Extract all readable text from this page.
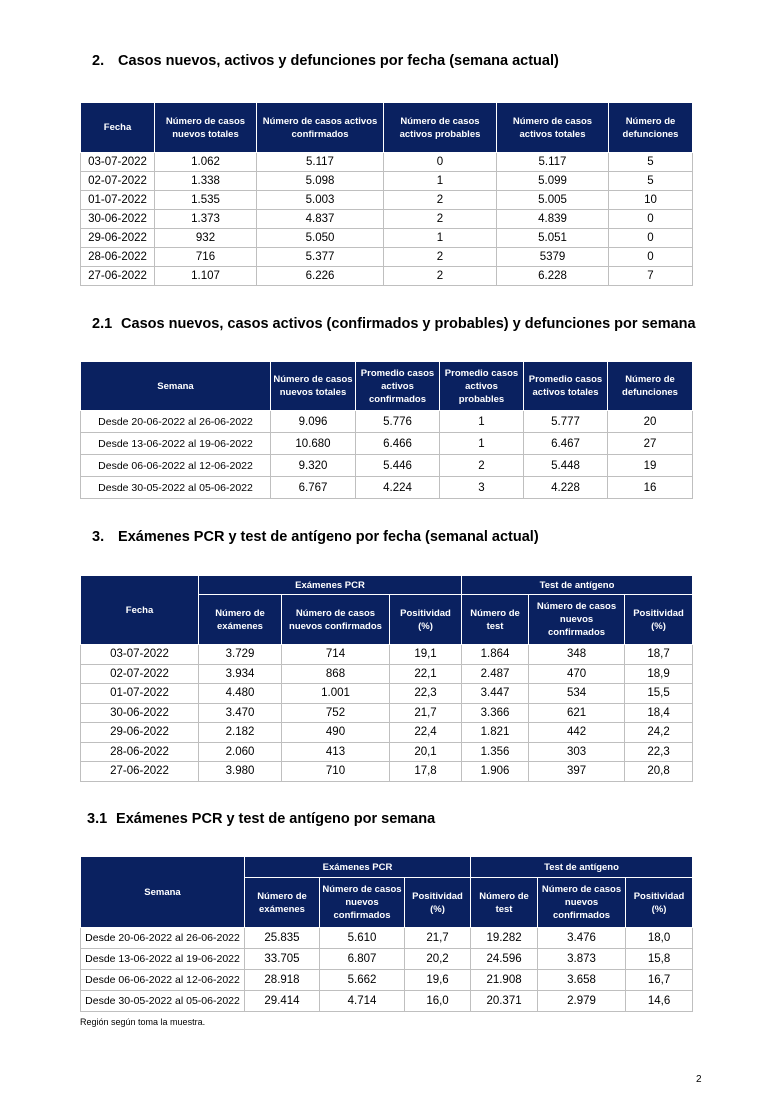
2. Casos nuevos, activos y defunciones por fecha (semana actual)
Fecha	Número de casos nuevos totales	Número de casos activos confirmados	Número de casos activos probables	Número de casos activos totales	Número de defunciones
03-07-2022	1.062	5.117	0	5.117	5
02-07-2022	1.338	5.098	1	5.099	5
01-07-2022	1.535	5.003	2	5.005	10
30-06-2022	1.373	4.837	2	4.839	0
29-06-2022	932	5.050	1	5.051	0
28-06-2022	716	5.377	2	5379	0
27-06-2022	1.107	6.226	2	6.228	7
2.1 Casos nuevos, casos activos (confirmados y probables) y defunciones por semana
Semana	Número de casos nuevos totales	Promedio casos activos confirmados	Promedio casos activos probables	Promedio casos activos totales	Número de defunciones
Desde 20-06-2022 al 26-06-2022	9.096	5.776	1	5.777	20
Desde 13-06-2022 al 19-06-2022	10.680	6.466	1	6.467	27
Desde 06-06-2022 al 12-06-2022	9.320	5.446	2	5.448	19
Desde 30-05-2022 al 05-06-2022	6.767	4.224	3	4.228	16
3. Exámenes PCR y test de antígeno por fecha (semanal actual)
Fecha	Exámenes PCR			Test de antígeno		
	Número de exámenes	Número de casos nuevos confirmados	Positividad (%)	Número de test	Número de casos nuevos confirmados	Positividad (%)
03-07-2022	3.729	714	19,1	1.864	348	18,7
02-07-2022	3.934	868	22,1	2.487	470	18,9
01-07-2022	4.480	1.001	22,3	3.447	534	15,5
30-06-2022	3.470	752	21,7	3.366	621	18,4
29-06-2022	2.182	490	22,4	1.821	442	24,2
28-06-2022	2.060	413	20,1	1.356	303	22,3
27-06-2022	3.980	710	17,8	1.906	397	20,8
3.1 Exámenes PCR y test de antígeno por semana
Semana	Exámenes PCR			Test de antígeno		
	Número de exámenes	Número de casos nuevos confirmados	Positividad (%)	Número de test	Número de casos nuevos confirmados	Positividad (%)
Desde 20-06-2022 al 26-06-2022	25.835	5.610	21,7	19.282	3.476	18,0
Desde 13-06-2022 al 19-06-2022	33.705	6.807	20,2	24.596	3.873	15,8
Desde 06-06-2022 al 12-06-2022	28.918	5.662	19,6	21.908	3.658	16,7
Desde 30-05-2022 al 05-06-2022	29.414	4.714	16,0	20.371	2.979	14,6
Región según toma la muestra.
2
